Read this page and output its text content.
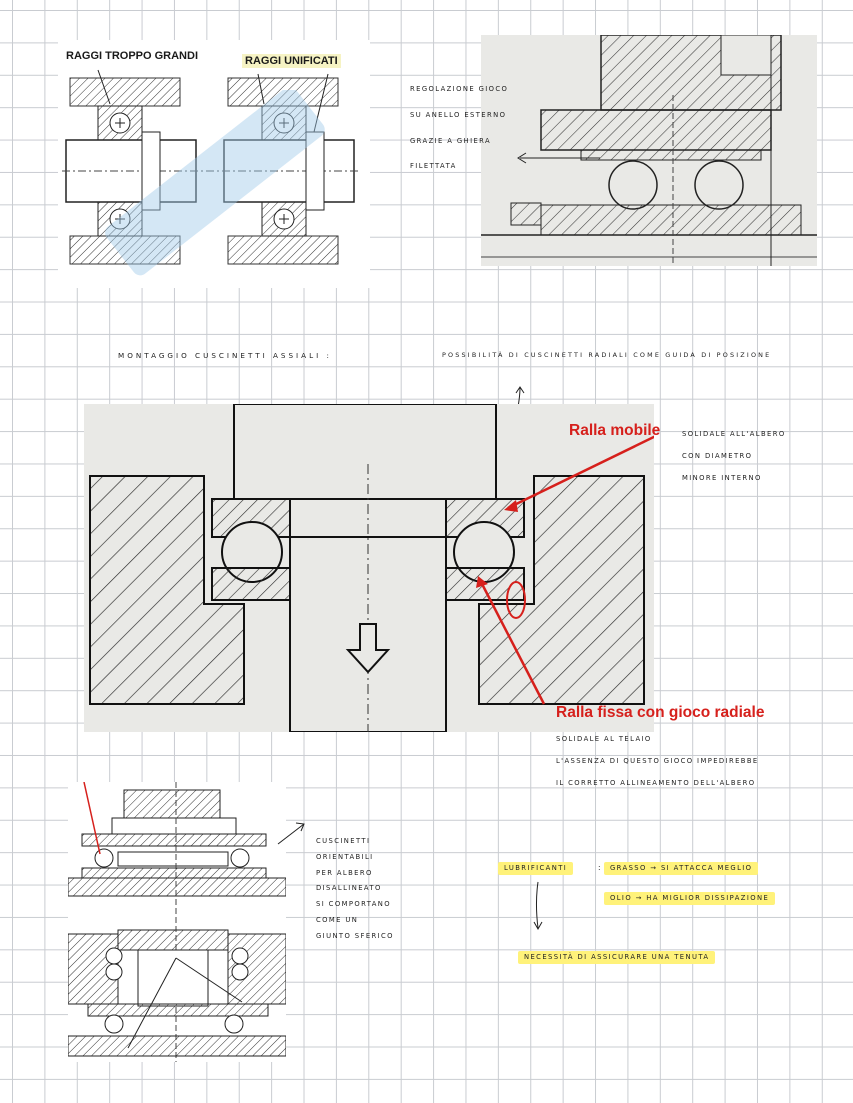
RAGGI TROPPO GRANDI	RAGGI UNIFICATI
REGOLAZIONE GIOCO
SU ANELLO ESTERNO
GRAZIE A GHIERA
FILETTATA
MONTAGGIO CUSCINETTI ASSIALI :	POSSIBILITÀ DI CUSCINETTI RADIALI COME GUIDA DI POSIZIONE
Ralla mobile
Ralla fissa con gioco radiale
SOLIDALE ALL'ALBERO
CON DIAMETRO
MINORE INTERNO
SOLIDALE AL TELAIO
L'ASSENZA DI QUESTO GIOCO IMPEDIREBBE
IL CORRETTO ALLINEAMENTO DELL'ALBERO
CUSCINETTI
ORIENTABILI
PER ALBERO
DISALLINEATO
SI COMPORTANO
COME UN
GIUNTO SFERICO
LUBRIFICANTI	:	GRASSO → SI ATTACCA MEGLIO
OLIO → HA MIGLIOR DISSIPAZIONE
NECESSITÀ DI ASSICURARE UNA TENUTA
